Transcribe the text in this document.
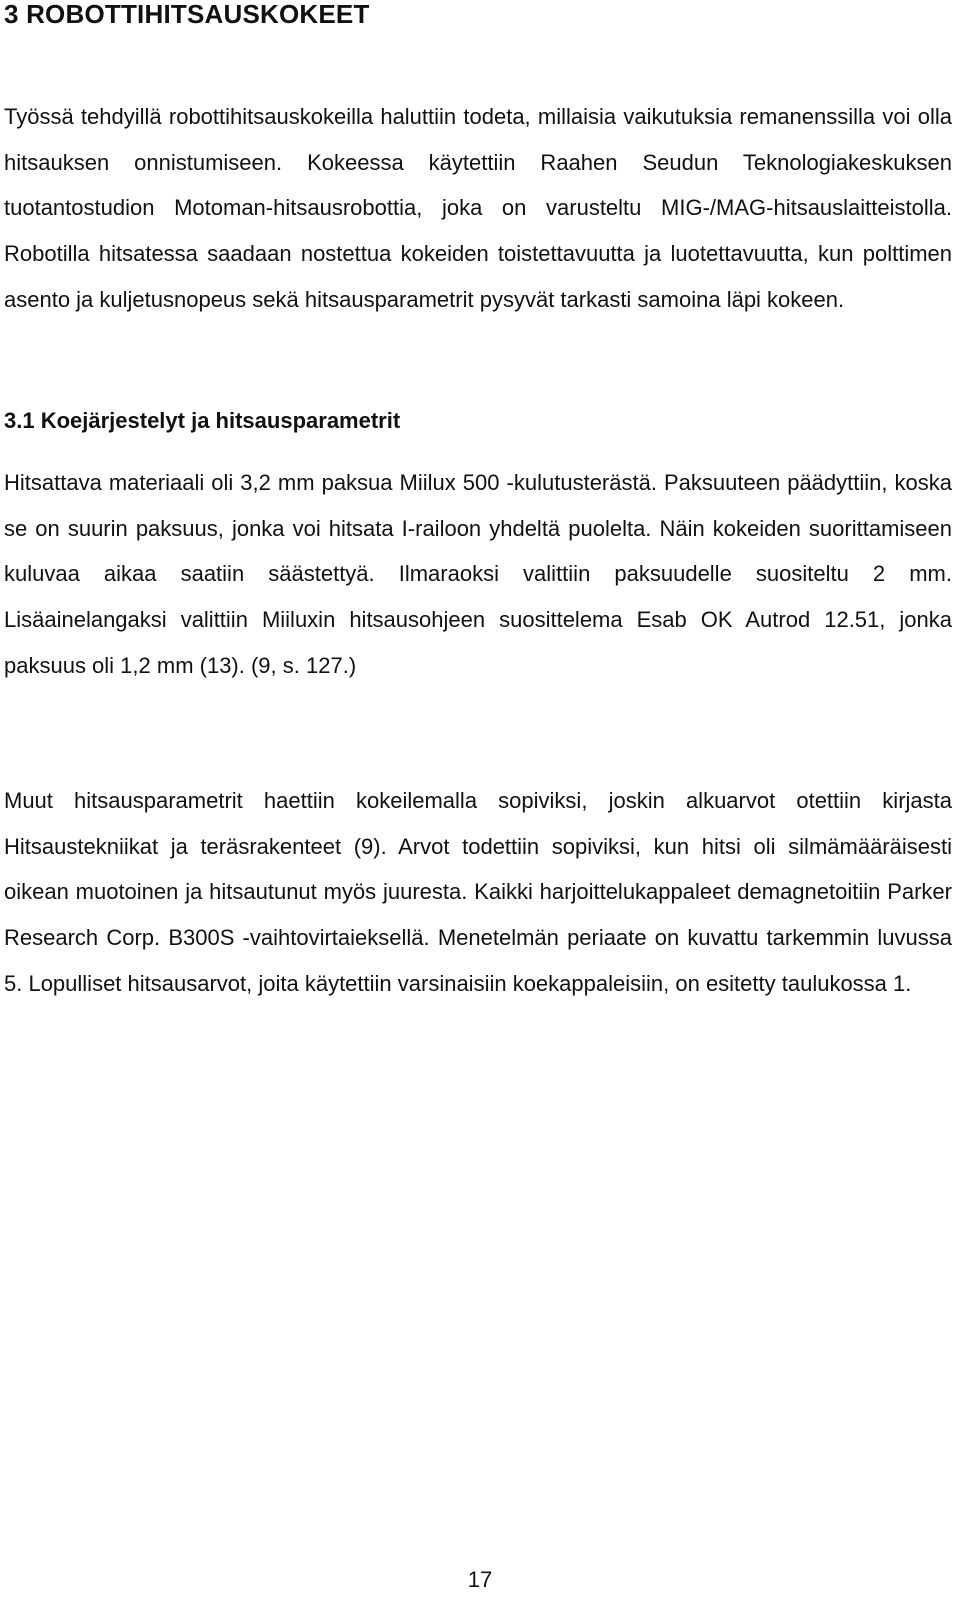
3 ROBOTTIHITSAUSKOKEET

Työssä tehdyillä robottihitsauskokeilla haluttiin todeta, millaisia vaikutuksia remanenssilla voi olla hitsauksen onnistumiseen. Kokeessa käytettiin Raahen Seudun Teknologiakeskuksen tuotantostudion Motoman-hitsausrobottia, joka on varusteltu MIG-/MAG-hitsauslaitteistolla. Robotilla hitsatessa saadaan nostettua kokeiden toistettavuutta ja luotettavuutta, kun polttimen asento ja kuljetusnopeus sekä hitsausparametrit pysyvät tarkasti samoina läpi kokeen.

3.1 Koejärjestelyt ja hitsausparametrit

Hitsattava materiaali oli 3,2 mm paksua Miilux 500 -kulutusterästä. Paksuuteen päädyttiin, koska se on suurin paksuus, jonka voi hitsata I-railoon yhdeltä puolelta. Näin kokeiden suorittamiseen kuluvaa aikaa saatiin säästettyä. Ilmaraoksi valittiin paksuudelle suositeltu 2 mm. Lisäainelangaksi valittiin Miiluxin hitsausohjeen suosittelema Esab OK Autrod 12.51, jonka paksuus oli 1,2 mm (13). (9, s. 127.)

Muut hitsausparametrit haettiin kokeilemalla sopiviksi, joskin alkuarvot otettiin kirjasta Hitsaustekniikat ja teräsrakenteet (9). Arvot todettiin sopiviksi, kun hitsi oli silmämääräisesti oikean muotoinen ja hitsautunut myös juuresta. Kaikki harjoittelukappaleet demagnetoitiin Parker Research Corp. B300S -vaihtovirtaieksellä. Menetelmän periaate on kuvattu tarkemmin luvussa 5. Lopulliset hitsausarvot, joita käytettiin varsinaisiin koekappaleisiin, on esitetty taulukossa 1.

17
